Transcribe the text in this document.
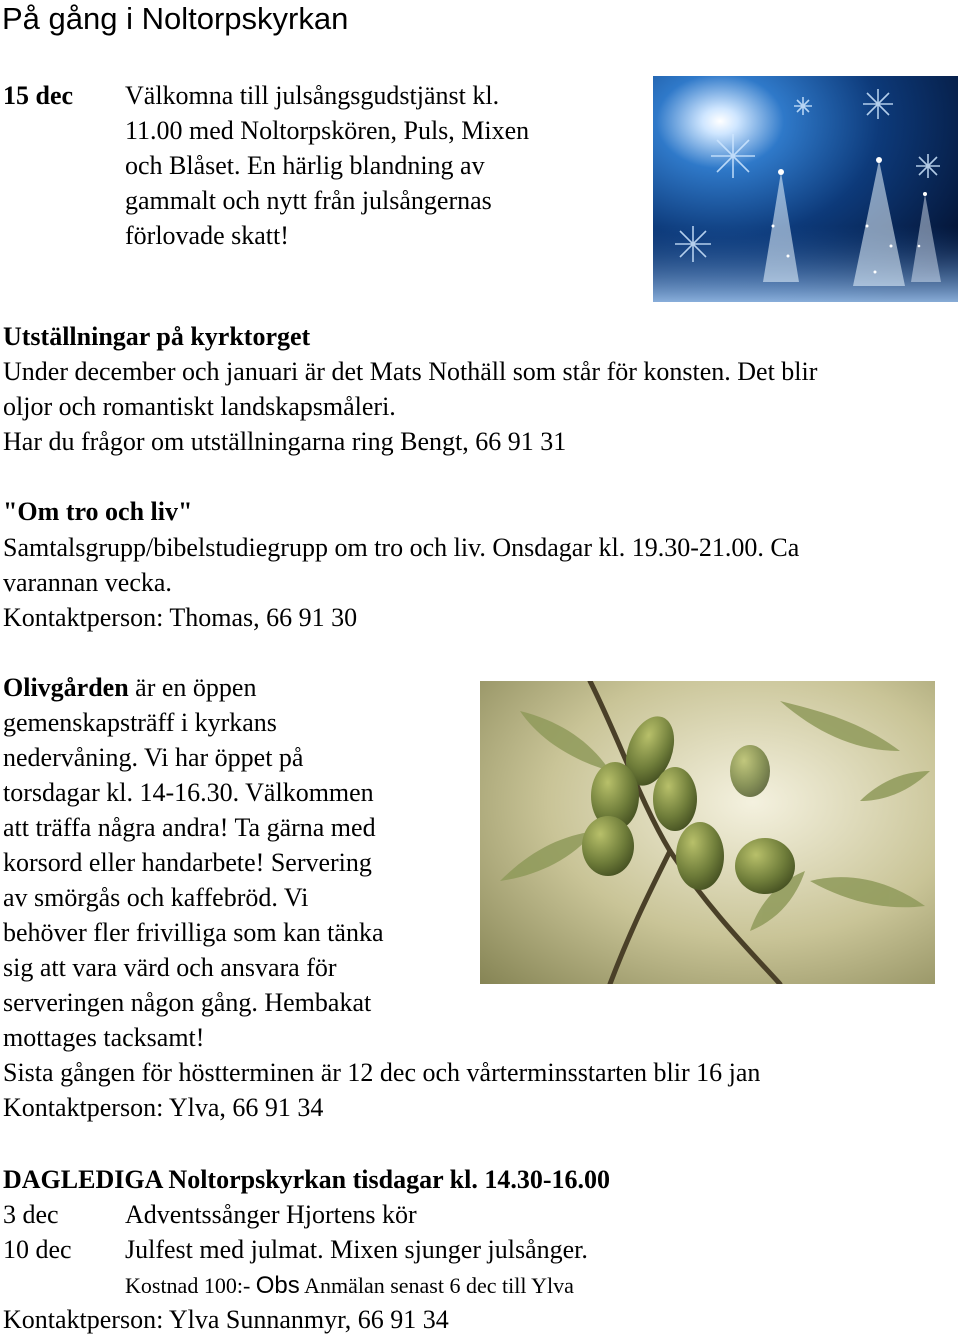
På gång i Noltorpskyrkan
15 dec Välkomna till julsångsgudstjänst kl.
11.00 med Noltorpskören, Puls, Mixen
och Blåset. En härlig blandning av
gammalt och nytt från julsångernas
förlovade skatt!
Utställningar på kyrktorget
Under december och januari är det Mats Nothäll som står för konsten. Det blir
oljor och romantiskt landskapsmåleri.
Har du frågor om utställningarna ring Bengt, 66 91 31
"Om tro och liv"
Samtalsgrupp/bibelstudiegrupp om tro och liv. Onsdagar kl. 19.30-21.00. Ca
varannan vecka.
Kontaktperson: Thomas, 66 91 30
Olivgården är en öppen
gemenskapsträff i kyrkans
nedervåning. Vi har öppet på
torsdagar kl. 14-16.30. Välkommen
att träffa några andra! Ta gärna med
korsord eller handarbete! Servering
av smörgås och kaffebröd. Vi
behöver fler frivilliga som kan tänka
sig att vara värd och ansvara för
serveringen någon gång. Hembakat
mottages tacksamt!
Sista gången för höstterminen är 12 dec och vårterminsstarten blir 16 jan
Kontaktperson: Ylva, 66 91 34
DAGLEDIGA Noltorpskyrkan tisdagar kl. 14.30-16.00
3 dec	Adventssånger Hjortens kör
10 dec Julfest med julmat. Mixen sjunger julsånger.
Kostnad 100:- Obs Anmälan senast 6 dec till Ylva
Kontaktperson: Ylva Sunnanmyr, 66 91 34
